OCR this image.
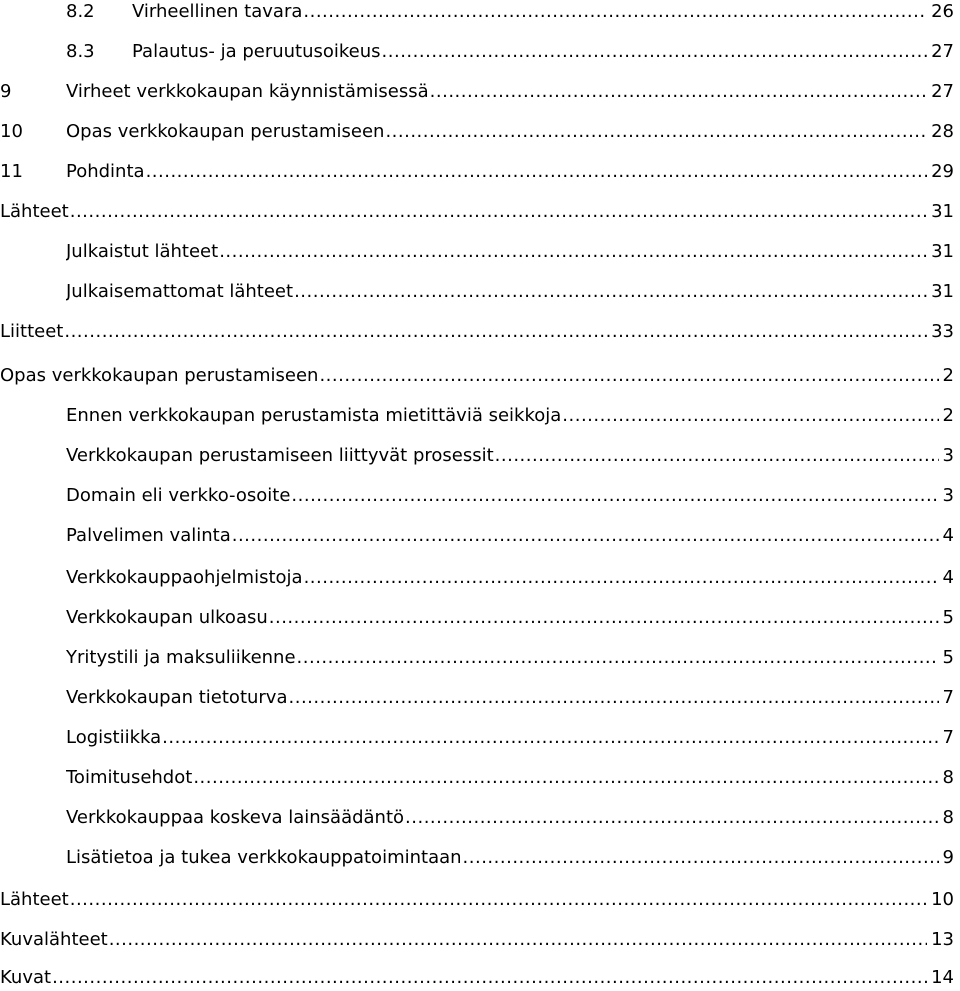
8.2	Virheellinen tavara .....	26
8.3	Palautus- ja peruutusoikeus .....	27
9	Virheet verkkokaupan käynnistämisessä .....	27
10	Opas verkkokaupan perustamiseen .....	28
11	Pohdinta .....	29
Lähteet .....	31
Julkaistut lähteet .....	31
Julkaisemattomat lähteet .....	31
Liitteet .....	33
Opas verkkokaupan perustamiseen .....	2
Ennen verkkokaupan perustamista mietittäviä seikkoja .....	2
Verkkokaupan perustamiseen liittyvät prosessit .....	3
Domain eli verkko-osoite .....	3
Palvelimen valinta .....	4
Verkkokauppaohjelmistoja .....	4
Verkkokaupan ulkoasu .....	5
Yritystili ja maksuliikenne .....	5
Verkkokaupan tietoturva .....	7
Logistiikka .....	7
Toimitusehdot .....	8
Verkkokauppaa koskeva lainsäädäntö .....	8
Lisätietoa ja tukea verkkokauppatoimintaan .....	9
Lähteet .....	10
Kuvalähteet .....	13
Kuvat .....	14
